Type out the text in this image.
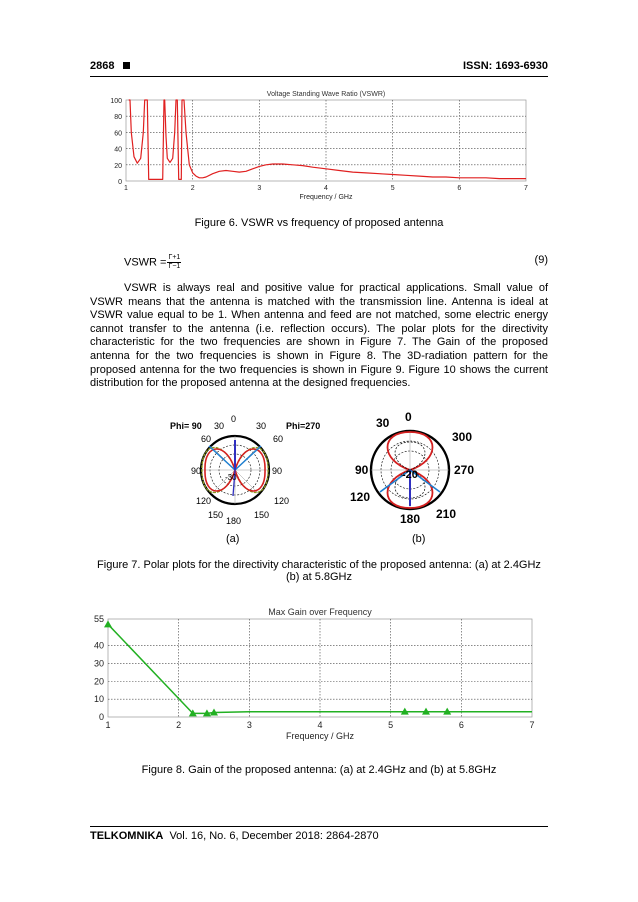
2868	ISSN: 1693-6930
Voltage Standing Wave Ratio (VSWR)
0
20
40
60
80
100
1	2	3	4	5	6	7
Frequency / GHz
Figure 6. VSWR vs frequency of proposed antenna
VSWR = $\frac{\Gamma+1}{\Gamma-1}$	(9)

VSWR is always real and positive value for practical applications. Small value of VSWR means that the antenna is matched with the transmission line. Antenna is ideal at VSWR value equal to be 1. When antenna and feed are not matched, some electric energy cannot transfer to the antenna (i.e. reflection occurs). The polar plots for the directivity characteristic for the two frequencies are shown in Figure 7. The Gain of the proposed antenna for the two frequencies is shown in Figure 8. The 3D-radiation pattern for the proposed antenna for the two frequencies is shown in Figure 9. Figure 10 shows the current distribution for the proposed antenna at the designed frequencies.

Phi= 90	Phi=270
30
0
30
60	60
90	90
120	120
150
180
150
-30
(a)
30 0
300
90	270
120
180 210
-20
(b)
Figure 7. Polar plots for the directivity characteristic of the proposed antenna: (a) at 2.4GHz
(b) at 5.8GHz
Max Gain over Frequency
0
10
20
30
40
55
1	2	3	4	5	6	7
Frequency / GHz
Figure 8. Gain of the proposed antenna: (a) at 2.4GHz and (b) at 5.8GHz
TELKOMNIKA Vol. 16, No. 6, December 2018: 2864-2870
